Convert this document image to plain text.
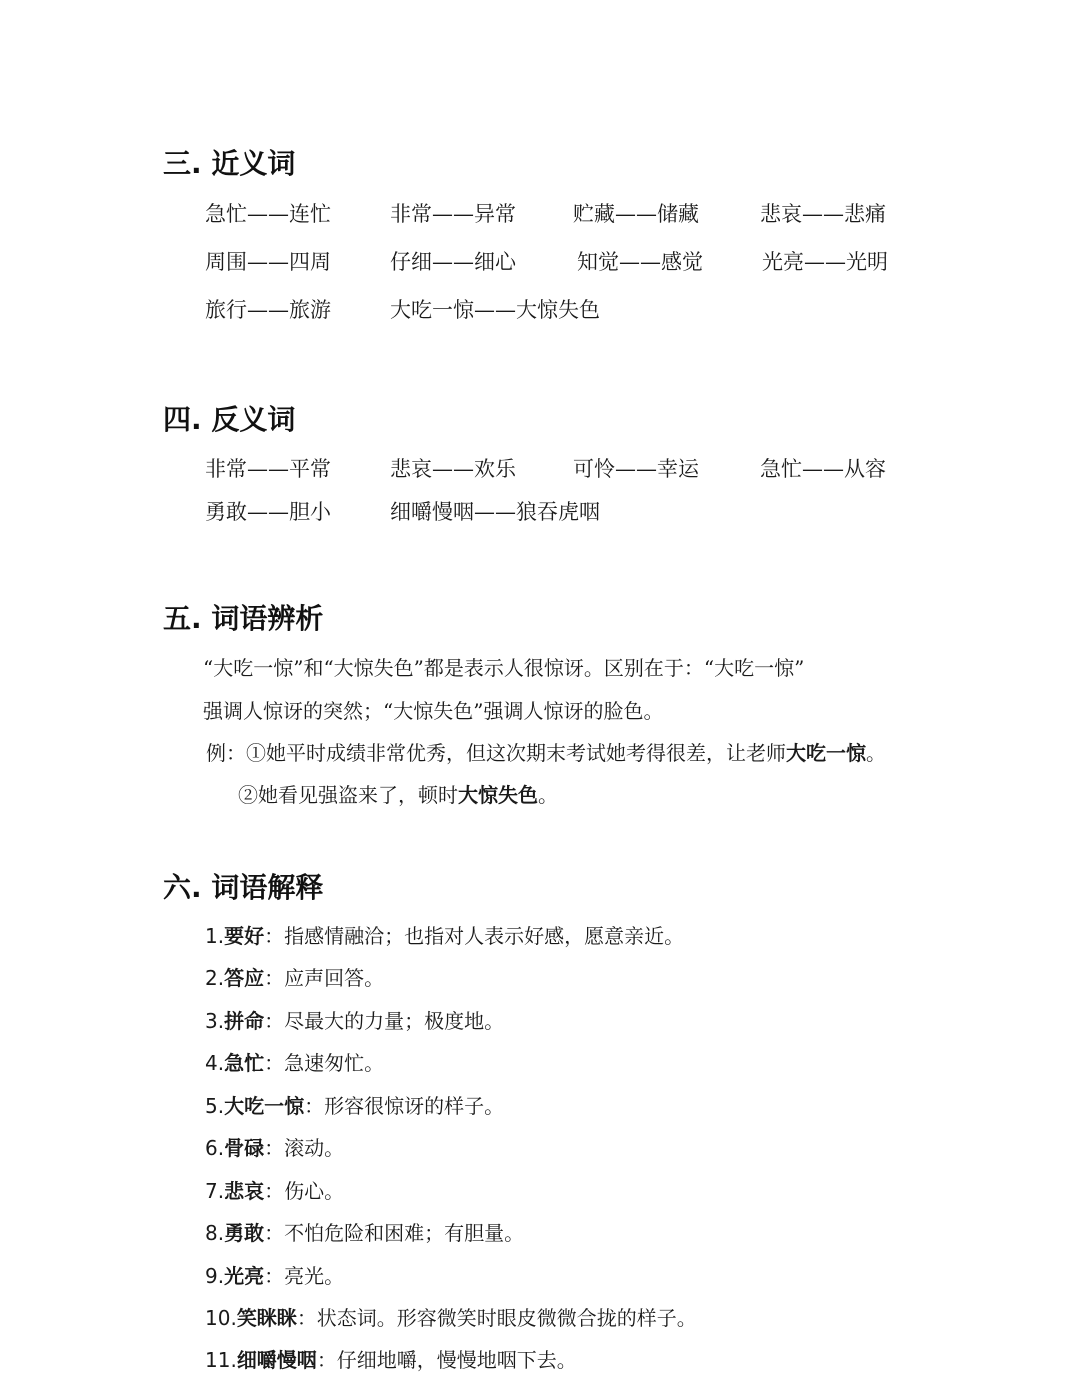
三. 近义词
急忙——连忙	非常——异常	贮藏——储藏	悲哀——悲痛
周围——四周	仔细——细心	知觉——感觉	光亮——光明
旅行——旅游	大吃一惊——大惊失色
四. 反义词
非常——平常	悲哀——欢乐	可怜——幸运	急忙——从容
勇敢——胆小	细嚼慢咽——狼吞虎咽
五. 词语辨析
“大吃一惊”和“大惊失色”都是表示人很惊讶。区别在于：“大吃一惊”
强调人惊讶的突然；“大惊失色”强调人惊讶的脸色。
例：①她平时成绩非常优秀，但这次期末考试她考得很差，让老师大吃一惊。
②她看见强盗来了，顿时大惊失色。
六. 词语解释
1.要好：指感情融洽；也指对人表示好感，愿意亲近。
2.答应：应声回答。
3.拼命：尽最大的力量；极度地。
4.急忙：急速匆忙。
5.大吃一惊：形容很惊讶的样子。
6.骨碌：滚动。
7.悲哀：伤心。
8.勇敢：不怕危险和困难；有胆量。
9.光亮：亮光。
10.笑眯眯：状态词。形容微笑时眼皮微微合拢的样子。
11.细嚼慢咽：仔细地嚼，慢慢地咽下去。
